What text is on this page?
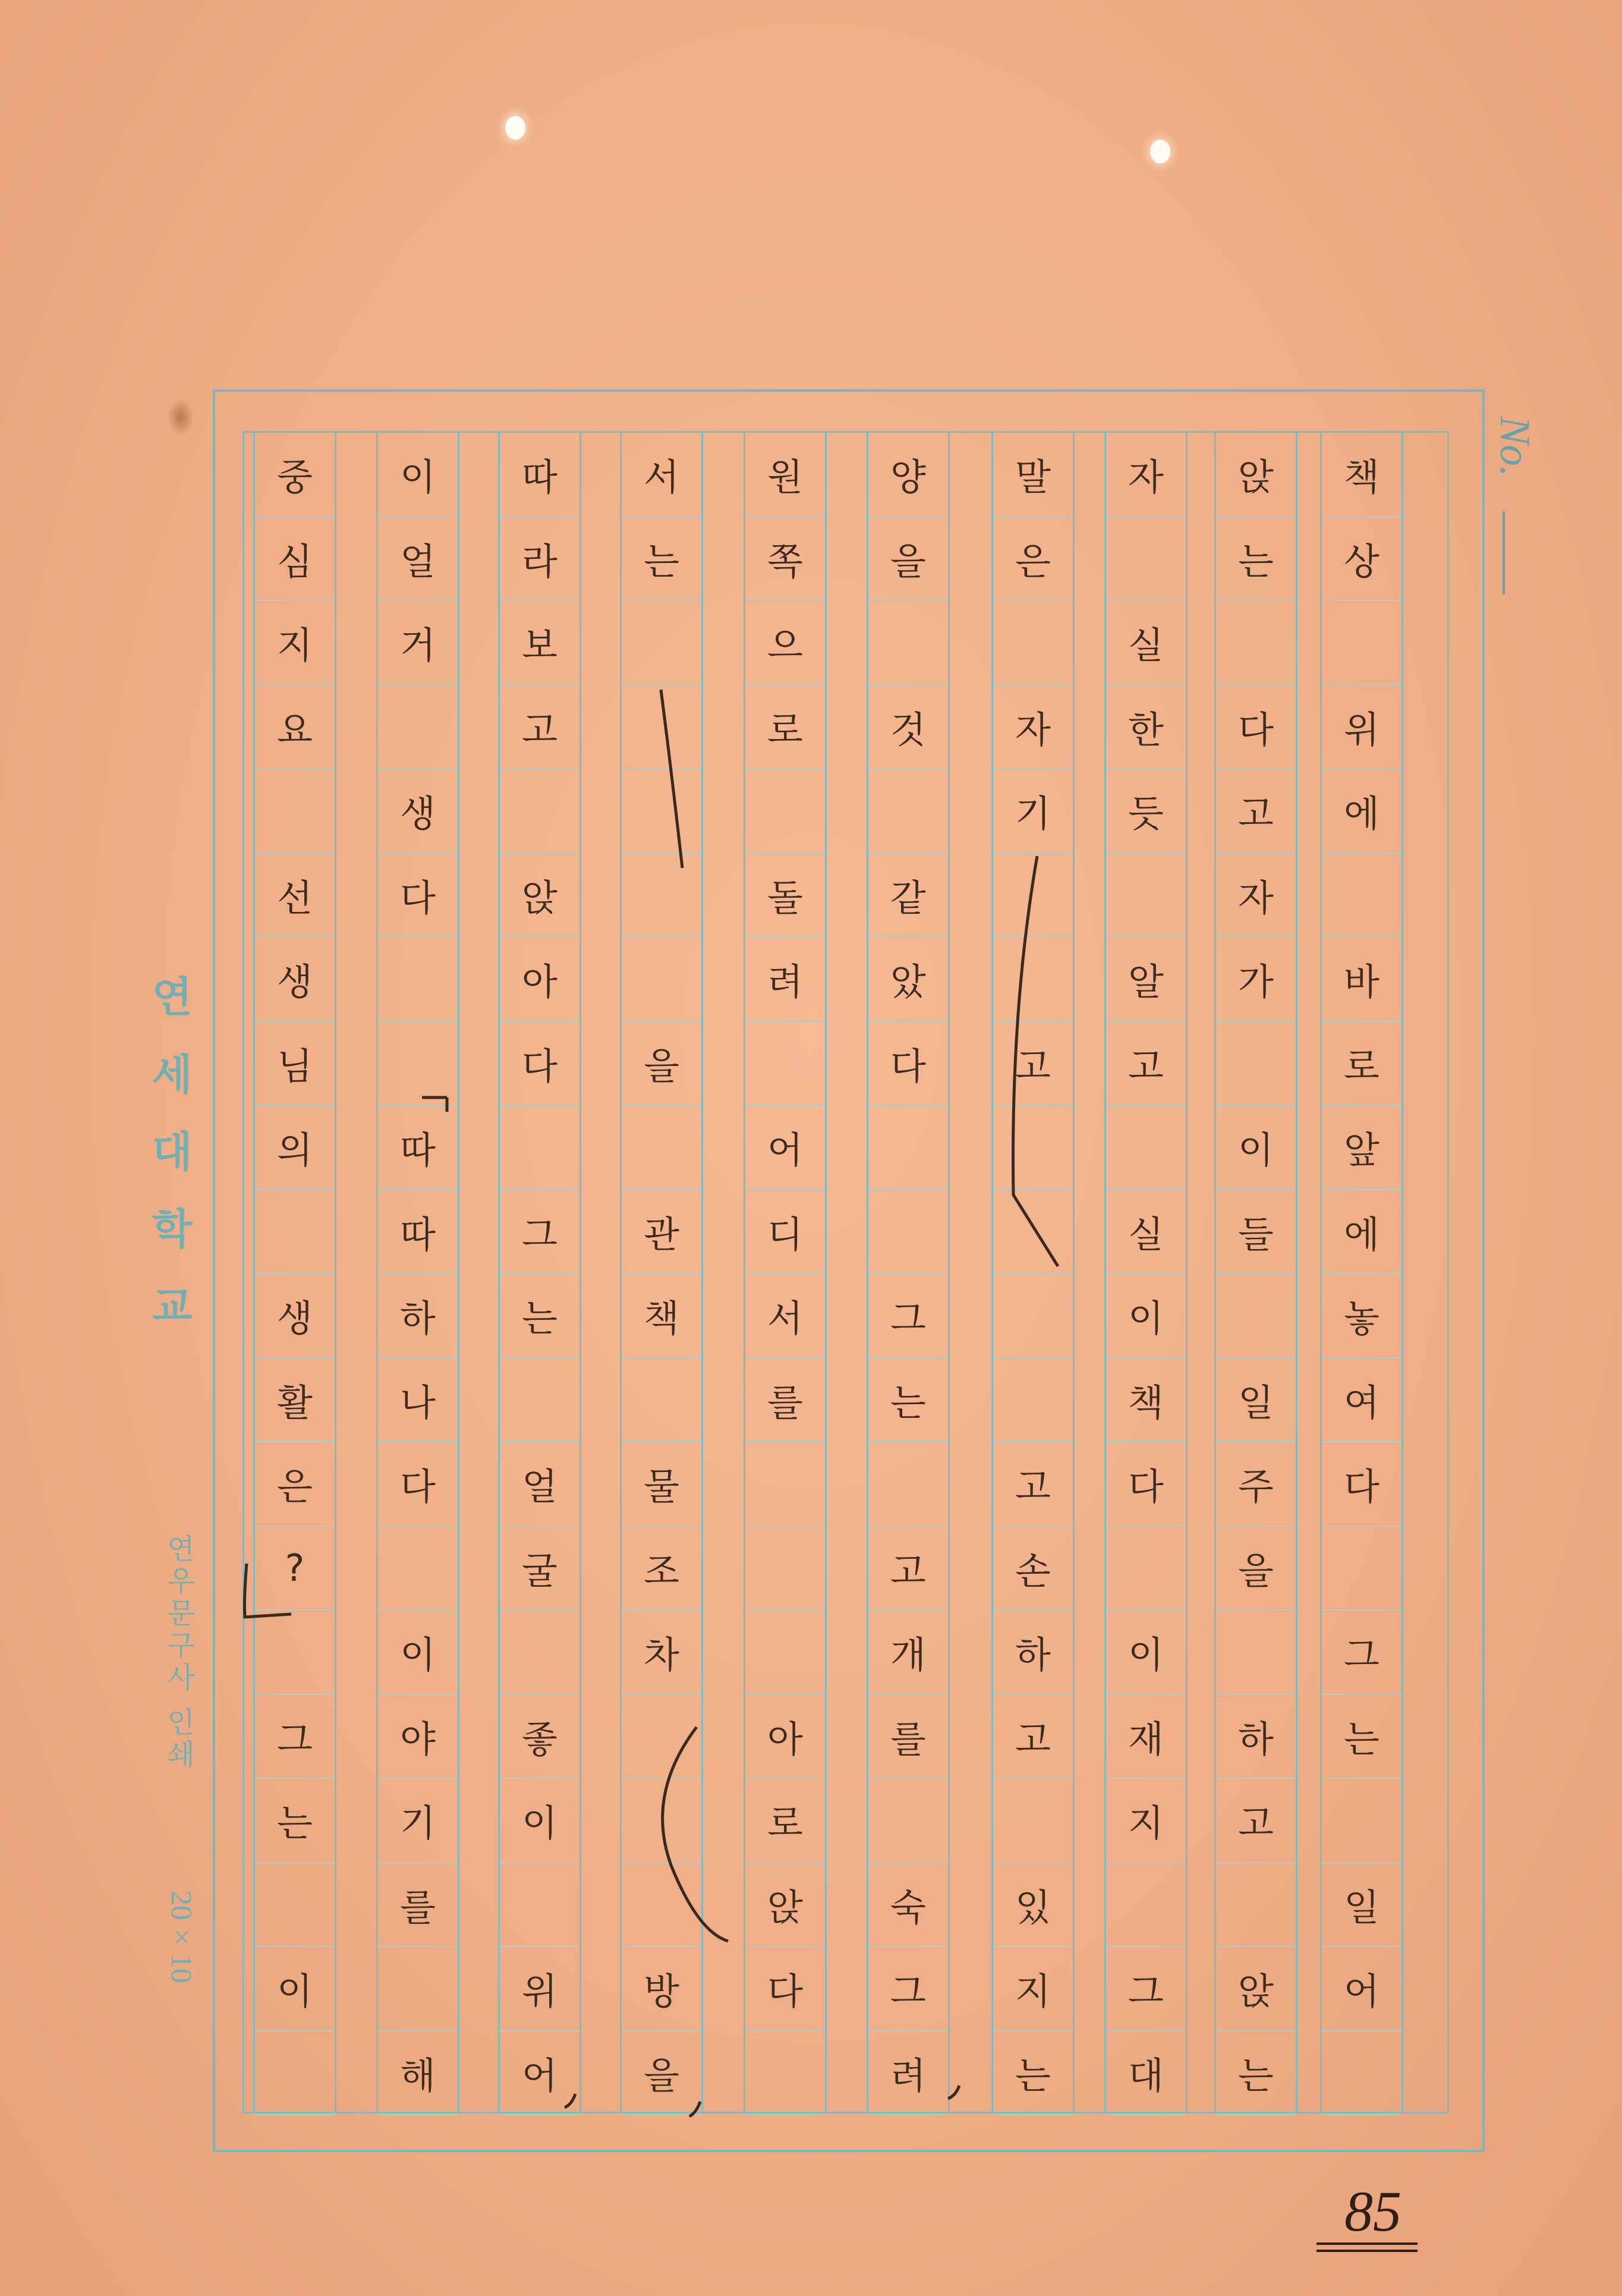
No.
책
상
위
에
바
로
앞
에
놓
여
다
그
는
일
어
앉
는
다
고
자
가
이
들
일
주
을
하
고
앉
는
자
실
한
듯
알
고
실
이
책
다
이
재
지
그
대
말
은
자
기
고
고
손
하
고
있
지
는
양
을
것
같
았
다
그
는
고
개
를
숙
그
려
원
쪽
으
로
돌
려
어
디
서
를
아
로
앉
다
서
는
을
관
책
물
조
차
방
을
따
라
보
고
앉
아
다
그
는
얼
굴
좋
이
위
어
이
얼
거
생
다
따
따
하
나
다
이
야
기
를
해
중
심
지
요
선
생
님
의
생
활
은
?
그
는
이
연세대학교
연우문구사 인쇄
20×10
85
